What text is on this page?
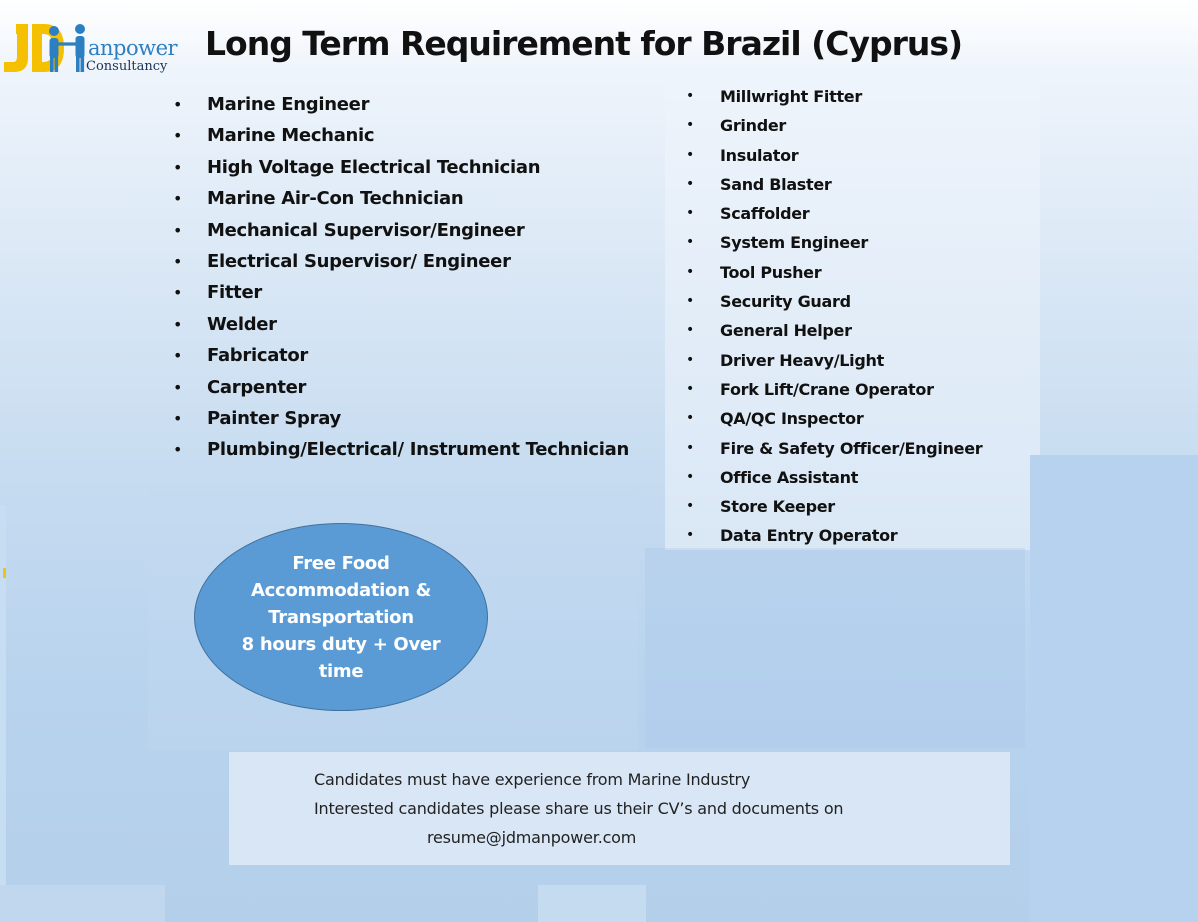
anpower
Consultancy
Long Term Requirement for Brazil (Cyprus)
• Marine Engineer
• Marine Mechanic
• High Voltage Electrical Technician
• Marine Air-Con Technician
• Mechanical Supervisor/Engineer
• Electrical Supervisor/ Engineer
• Fitter
• Welder
• Fabricator
• Carpenter
• Painter Spray
• Plumbing/Electrical/ Instrument Technician
• Millwright Fitter
• Grinder
• Insulator
• Sand Blaster
• Scaffolder
• System Engineer
• Tool Pusher
• Security Guard
• General Helper
• Driver Heavy/Light
• Fork Lift/Crane Operator
• QA/QC Inspector
• Fire & Safety Officer/Engineer
• Office Assistant
• Store Keeper
• Data Entry Operator

Free Food
Accommodation &
Transportation
8 hours duty + Over
time

Candidates must have experience from Marine Industry

Interested candidates please share us their CV’s and documents on

resume@jdmanpower.com
